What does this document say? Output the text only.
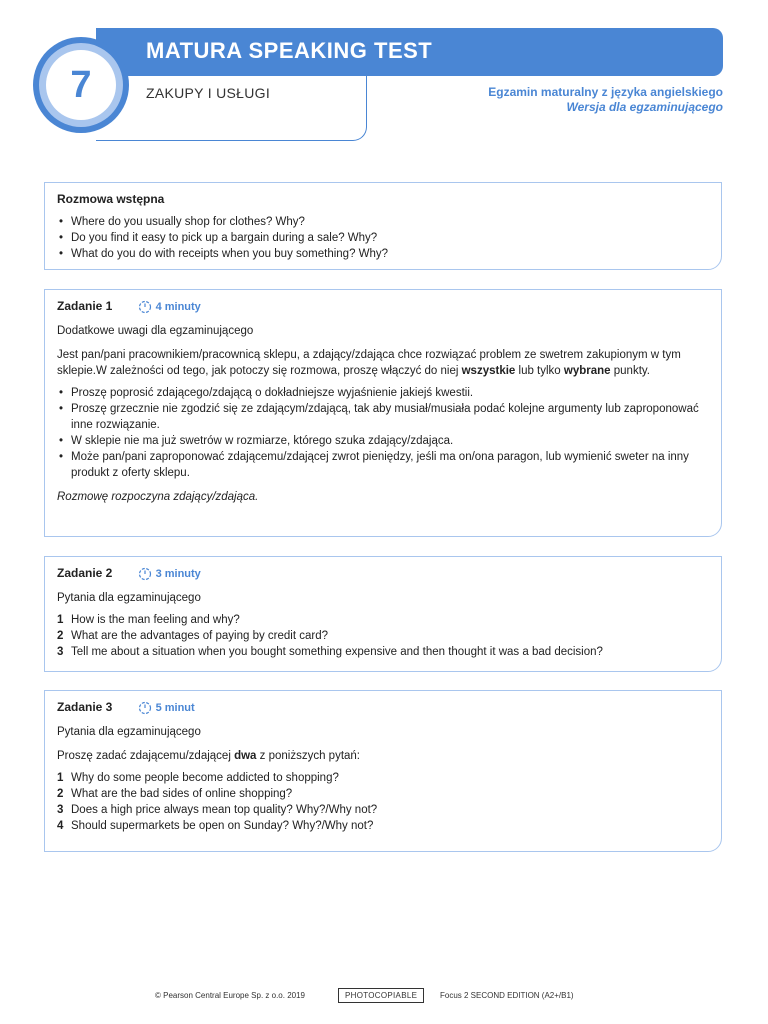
7
MATURA SPEAKING TEST
ZAKUPY I USŁUGI	Egzamin maturalny z języka angielskiego
Wersja dla egzaminującego
Rozmowa wstępna
• Where do you usually shop for clothes? Why?
• Do you find it easy to pick up a bargain during a sale? Why?
• What do you do with receipts when you buy something? Why?
Zadanie 1	4 minuty
Dodatkowe uwagi dla egzaminującego
Jest pan/pani pracownikiem/pracownicą sklepu, a zdający/zdająca chce rozwiązać problem ze swetrem zakupionym w tym sklepie.W zależności od tego, jak potoczy się rozmowa, proszę włączyć do niej wszystkie lub tylko wybrane punkty.
• Proszę poprosić zdającego/zdającą o dokładniejsze wyjaśnienie jakiejś kwestii.
• Proszę grzecznie nie zgodzić się ze zdającym/zdającą, tak aby musiał/musiała podać kolejne argumenty lub zaproponować inne rozwiązanie.
• W sklepie nie ma już swetrów w rozmiarze, którego szuka zdający/zdająca.
• Może pan/pani zaproponować zdającemu/zdającej zwrot pieniędzy, jeśli ma on/ona paragon, lub wymienić sweter na inny produkt z oferty sklepu.
Rozmowę rozpoczyna zdający/zdająca.
Zadanie 2	3 minuty
Pytania dla egzaminującego
1 How is the man feeling and why?
2 What are the advantages of paying by credit card?
3 Tell me about a situation when you bought something expensive and then thought it was a bad decision?
Zadanie 3	5 minut
Pytania dla egzaminującego
Proszę zadać zdającemu/zdającej dwa z poniższych pytań:
1 Why do some people become addicted to shopping?
2 What are the bad sides of online shopping?
3 Does a high price always mean top quality? Why?/Why not?
4 Should supermarkets be open on Sunday? Why?/Why not?
© Pearson Central Europe Sp. z o.o. 2019	PHOTOCOPIABLE	Focus 2 SECOND EDITION (A2+/B1)
